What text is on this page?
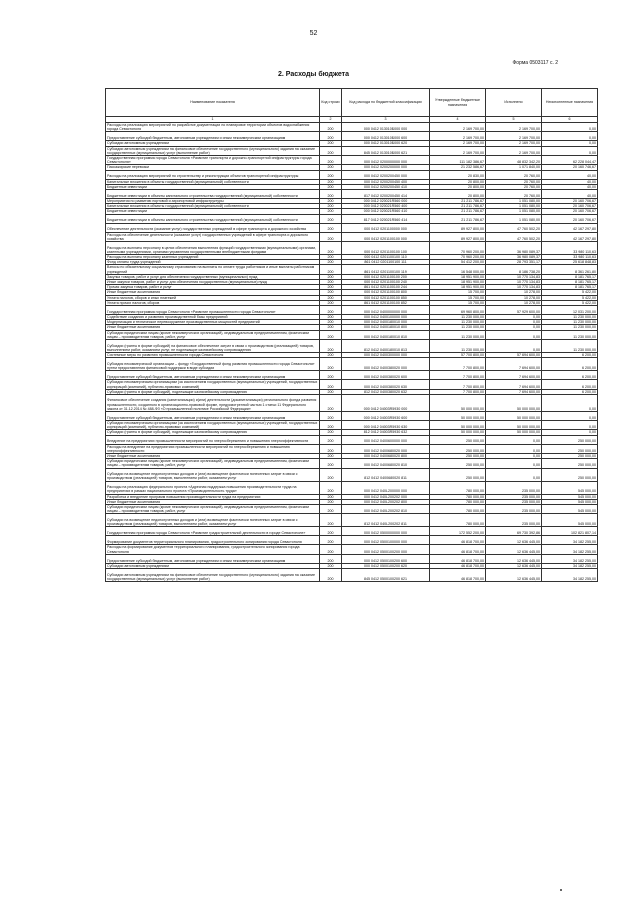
52
Форма 0503117 с. 2
2. Расходы бюджета
Наименование показателя	Код строки	Код расхода по бюджетной классификации	Утвержденные бюджетные назначения	Исполнено	Неисполненные назначения
1	2	3	4	5	6
Расходы на реализацию мероприятий по разработке документации по планировке территории объектов водоснабжения города Севастополя	200	000 0412 013010Б000 000	2 169 700,00	2 169 700,00	0,00
Предоставление субсидий бюджетным, автономным учреждениям и иным некоммерческим организациям	200	000 0412 013010Б000 600	2 169 700,00	2 169 700,00	0,00
Субсидии автономным учреждениям	200	000 0412 013010Б000 620	2 169 700,00	2 169 700,00	0,00
Субсидии автономным учреждениям на финансовое обеспечение государственного (муниципального) задания на оказание государственных (муниципальных) услуг (выполнение работ)	200	845 0412 013010Б000 621	2 169 700,00	2 169 700,00	0,00
Государственная программа города Севастополя «Развитие транспорта и дорожно-транспортной инфраструктуры города Севастополя»	200	000 0412 0200000000 000	111 182 386,67	48 832 342,20	62 228 044,47
Пассажирские перевозки	200	000 0412 0200200000 000	21 232 586,67	1 071 840,00	20 160 746,67
Расходы на реализацию мероприятий по строительству и реконструкции объектов транспортной инфраструктуры	200	000 0412 0200200450 000	20 830,00	20 760,00	40,00
Капитальные вложения в объекты государственной (муниципальной) собственности	200	000 0412 0200200450 400	20 800,00	20 760,00	40,00
Бюджетные инвестиции	200	000 0412 0200200450 410	20 800,00	20 760,00	40,00
Бюджетные инвестиции в объекты капитального строительства государственной (муниципальной) собственности	200	817 0412 0200200450 414	20 800,00	20 760,00	40,00
Мероприятия по развитию портовой и аэропортовой инфраструктуры	200	000 0412 020021R560 000	21 211 786,67	1 051 080,00	20 160 706,67
Капитальные вложения в объекты государственной (муниципальной) собственности	200	000 0412 020021R560 400	21 211 786,67	1 051 080,00	20 160 706,67
Бюджетные инвестиции	200	000 0412 020021R560 410	21 211 786,67	1 051 080,00	20 160 706,67
Бюджетные инвестиции в объекты капитального строительства государственной (муниципальной) собственности	200	817 0412 020021R560 414	21 211 786,67	1 051 080,00	20 160 706,67
Обеспечение деятельности (оказание услуг) государственных учреждений в сфере транспорта и дорожного хозяйства	200	000 0412 0201100000 000	89 927 800,00	47 760 502,20	42 167 297,80
Расходы на обеспечение деятельности (оказание услуг) государственных учреждений в сфере транспорта и дорожного хозяйства	200	000 0412 0201100100 000	89 927 800,00	47 760 502,20	42 167 297,80
Расходы на выплаты персоналу в целях обеспечения выполнения функций государственными (муниципальными) органами, казенными учреждениями, органами управления государственными внебюджетными фондами	200	000 0412 0201100100 100	70 960 200,00	36 980 089,37	33 980 110,63
Расходы на выплаты персоналу казенных учреждений	200	000 0412 0201100100 110	70 960 200,00	36 980 089,37	33 980 110,63
Фонд оплаты труда учреждений	200	861 0412 0201100100 111	54 412 200,00	28 793 351,17	25 618 848,83
Взносы по обязательному социальному страхованию на выплаты по оплате труда работников и иные выплаты работникам учреждений	200	861 0412 0201100100 119	16 548 000,00	8 186 738,20	8 361 261,80
Закупка товаров, работ и услуг для обеспечения государственных (муниципальных) нужд	200	000 0412 0201100100 200	18 951 900,00	10 770 134,83	8 181 765,17
Иные закупки товаров, работ и услуг для обеспечения государственных (муниципальных) нужд	200	000 0412 0201100100 240	18 951 900,00	10 770 134,83	8 181 765,17
Прочая закупка товаров, работ и услуг	200	861 0412 0201100100 244	18 951 900,00	10 770 134,83	8 181 765,17
Иные бюджетные ассигнования	200	000 0412 0201100100 800	15 700,00	10 278,00	5 422,00
Уплата налогов, сборов и иных платежей	200	000 0412 0201100100 850	15 700,00	10 278,00	5 422,00
Уплата прочих налогов, сборов	200	861 0412 0201100100 852	15 700,00	10 278,00	5 422,00
Государственная программа города Севастополя «Развитие промышленности города Севастополя»	200	000 0412 0400000000 000	69 960 800,00	57 929 600,00	12 031 200,00
Содействие созданию и развитию производственной базы предприятий	200	000 0412 0400100000 000	11 230 000,00	0,00	11 230 000,00
Модернизация и техническое перевооружение производственных мощностей предприятий	200	000 0412 0400180010 000	11 230 000,00	0,00	11 230 000,00
Иные бюджетные ассигнования	200	000 0412 0400180010 800	11 230 000,00	0,00	11 230 000,00
Субсидии юридическим лицам (кроме некоммерческих организаций), индивидуальным предпринимателям, физическим лицам – производителям товаров, работ, услуг	200	000 0412 0400180010 810	11 230 000,00	0,00	11 230 000,00
Субсидии (гранты в форме субсидий) на финансовое обеспечение затрат в связи с производством (реализацией) товаров, выполнением работ, оказанием услуг, не подлежащие казначейскому сопровождению	200	812 0412 0400180010 813	11 230 000,00	0,00	11 230 000,00
Системные меры по развитию промышленности города Севастополя	200	000 0412 0400300000 000	57 700 800,00	57 694 600,00	6 200,00
Субсидия некоммерческой организации – фонду «Государственный фонд развития промышленности города Севастополя» путем предоставления финансовой поддержки в виде субсидии	200	000 0412 0400380020 000	7 700 800,00	7 694 600,00	6 200,00
Предоставление субсидий бюджетным, автономным учреждениям и иным некоммерческим организациям	200	000 0412 0400380020 600	7 700 800,00	7 694 600,00	6 200,00
Субсидии некоммерческим организациям (за исключением государственных (муниципальных) учреждений, государственных корпораций (компаний), публично-правовых компаний)	200	000 0412 0400380020 630	7 700 800,00	7 694 600,00	6 200,00
Субсидии (гранты в форме субсидий), подлежащие казначейскому сопровождению	200	812 0412 0400380020 632	7 700 800,00	7 694 600,00	6 200,00
Финансовое обеспечение создания (капитализации) и(или) деятельности (докапитализации) регионального фонда развития промышленности, созданного в организационно-правовой форме, предусмотренной частью 1 статьи 11 Федерального закона от 31.12.2014 № 488-ФЗ «О промышленной политике Российской Федерации»	200	000 0412 04003R5930 000	50 000 000,00	50 000 000,00	0,00
Предоставление субсидий бюджетным, автономным учреждениям и иным некоммерческим организациям	200	000 0412 04003R5930 600	50 000 000,00	50 000 000,00	0,00
Субсидии некоммерческим организациям (за исключением государственных (муниципальных) учреждений, государственных корпораций (компаний), публично-правовых компаний)	200	000 0412 04003R5930 630	50 000 000,00	50 000 000,00	0,00
Субсидии (гранты в форме субсидий), подлежащие казначейскому сопровождению	200	812 0412 04003R5930 632	50 000 000,00	50 000 000,00	0,00
Внедрение на предприятиях промышленности мероприятий по энергосбережению и повышению энергоэффективности	200	000 0412 0400600000 000	250 000,00	0,00	250 000,00
Расходы на внедрение на предприятиях промышленности мероприятий по энергосбережению и повышению энергоэффективности	200	000 0412 0400680020 000	250 000,00	0,00	250 000,00
Иные бюджетные ассигнования	200	000 0412 0400680020 800	250 000,00	0,00	250 000,00
Субсидии юридическим лицам (кроме некоммерческих организаций), индивидуальным предпринимателям, физическим лицам – производителям товаров, работ, услуг	200	000 0412 0400680020 810	250 000,00	0,00	250 000,00
Субсидии на возмещение недополученных доходов и (или) возмещение фактически понесенных затрат в связи с производством (реализацией) товаров, выполнением работ, оказанием услуг	200	812 0412 0400680020 811	250 000,00	0,00	250 000,00
Расходы на реализацию федерального проекта «Адресная поддержка повышения производительности труда на предприятиях в рамках национального проекта «Производительность труда»	200	000 0412 040L200000 000	780 000,00	235 000,00	545 000,00
Разработка и внедрение программ повышения производительности труда на предприятиях	200	000 0412 040L200202 000	780 000,00	235 000,00	545 000,00
Иные бюджетные ассигнования	200	000 0412 040L200202 800	780 000,00	235 000,00	545 000,00
Субсидии юридическим лицам (кроме некоммерческих организаций), индивидуальным предпринимателям, физическим лицам – производителям товаров, работ, услуг	200	000 0412 040L200202 810	780 000,00	235 000,00	545 000,00
Субсидии на возмещение недополученных доходов и (или) возмещение фактически понесенных затрат в связи с производством (реализацией) товаров, выполнением работ, оказанием услуг	200	812 0412 040L200202 811	780 000,00	235 000,00	545 000,00
Государственная программа города Севастополя «Развитие градостроительной деятельности в городе Севастополе»	200	000 0412 0500000000 000	172 552 200,00	69 730 392,86	102 821 807,14
Формирование документов территориального планирования, градостроительного зонирования города Севастополя	200	000 0412 0500100000 000	46 818 700,00	12 636 445,00	34 182 255,00
Расходы на формирование документов территориального планирования, градостроительного зонирования города Севастополя	200	000 0412 0500100200 000	46 818 700,00	12 636 445,00	34 182 255,00
Предоставление субсидий бюджетным, автономным учреждениям и иным некоммерческим организациям	200	000 0412 0500100200 600	46 818 700,00	12 636 445,00	34 182 255,00
Субсидии автономным учреждениям	200	000 0412 0500100200 620	46 818 700,00	12 636 445,00	34 182 255,00
Субсидии автономным учреждениям на финансовое обеспечение государственного (муниципального) задания на оказание государственных (муниципальных) услуг (выполнение работ)	200	845 0412 0500100200 621	46 818 700,00	12 636 445,00	34 182 255,00
